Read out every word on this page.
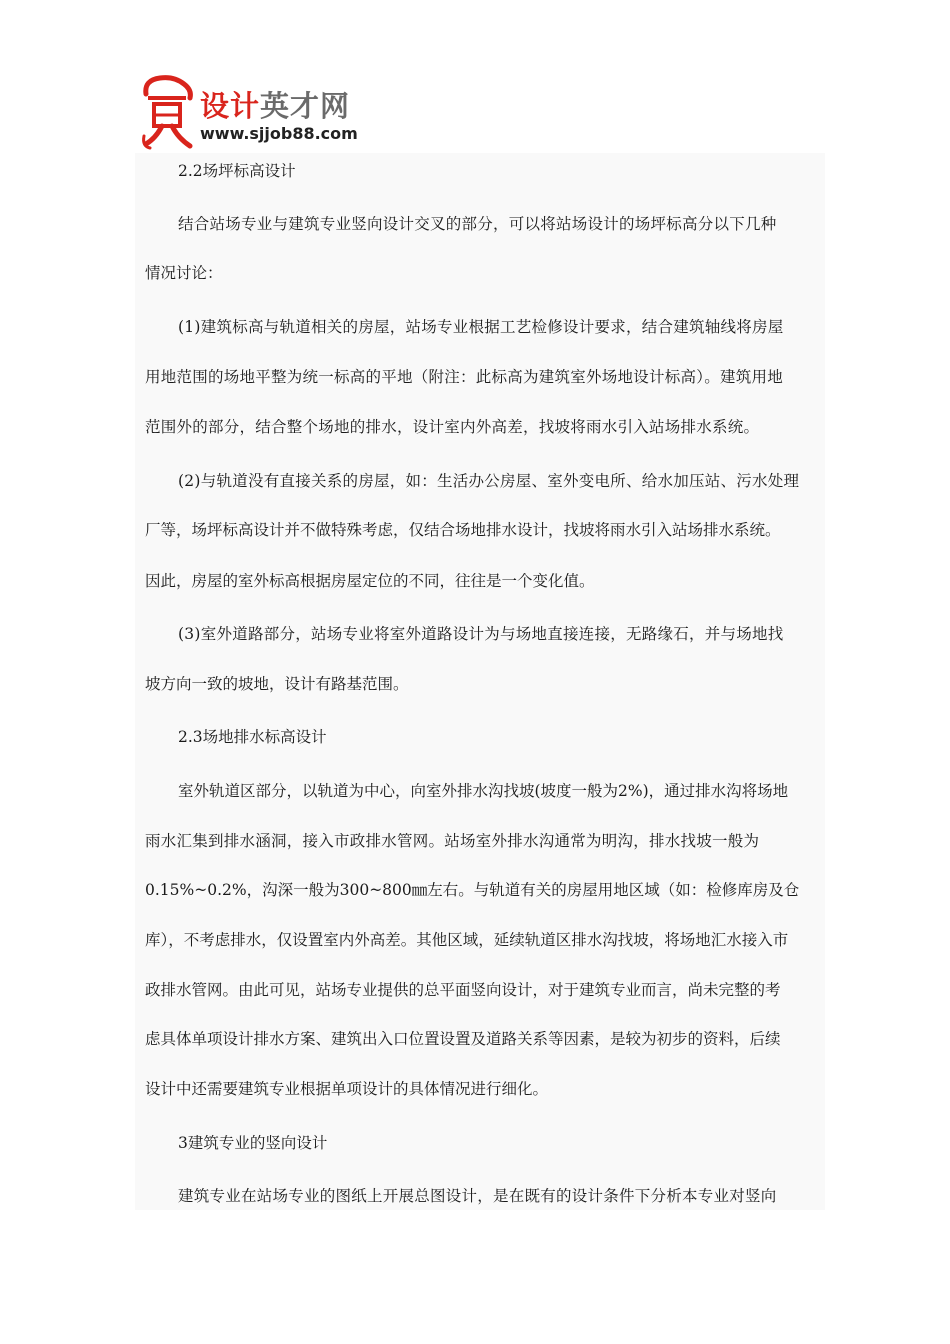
设计英才网
www.sjjob88.com
2.2场坪标高设计
结合站场专业与建筑专业竖向设计交叉的部分，可以将站场设计的场坪标高分以下几种
情况讨论：
(1)建筑标高与轨道相关的房屋，站场专业根据工艺检修设计要求，结合建筑轴线将房屋
用地范围的场地平整为统一标高的平地（附注：此标高为建筑室外场地设计标高）。建筑用地
范围外的部分，结合整个场地的排水，设计室内外高差，找坡将雨水引入站场排水系统。
(2)与轨道没有直接关系的房屋，如：生活办公房屋、室外变电所、给水加压站、污水处理
厂等，场坪标高设计并不做特殊考虑，仅结合场地排水设计，找坡将雨水引入站场排水系统。
因此，房屋的室外标高根据房屋定位的不同，往往是一个变化值。
(3)室外道路部分，站场专业将室外道路设计为与场地直接连接，无路缘石，并与场地找
坡方向一致的坡地，设计有路基范围。
2.3场地排水标高设计
室外轨道区部分，以轨道为中心，向室外排水沟找坡(坡度一般为2%)，通过排水沟将场地
雨水汇集到排水涵洞，接入市政排水管网。站场室外排水沟通常为明沟，排水找坡一般为
0.15%~0.2%，沟深一般为300~800㎜左右。与轨道有关的房屋用地区域（如：检修库房及仓
库），不考虑排水，仅设置室内外高差。其他区域，延续轨道区排水沟找坡，将场地汇水接入市
政排水管网。由此可见，站场专业提供的总平面竖向设计，对于建筑专业而言，尚未完整的考
虑具体单项设计排水方案、建筑出入口位置设置及道路关系等因素，是较为初步的资料，后续
设计中还需要建筑专业根据单项设计的具体情况进行细化。
3建筑专业的竖向设计
建筑专业在站场专业的图纸上开展总图设计，是在既有的设计条件下分析本专业对竖向
